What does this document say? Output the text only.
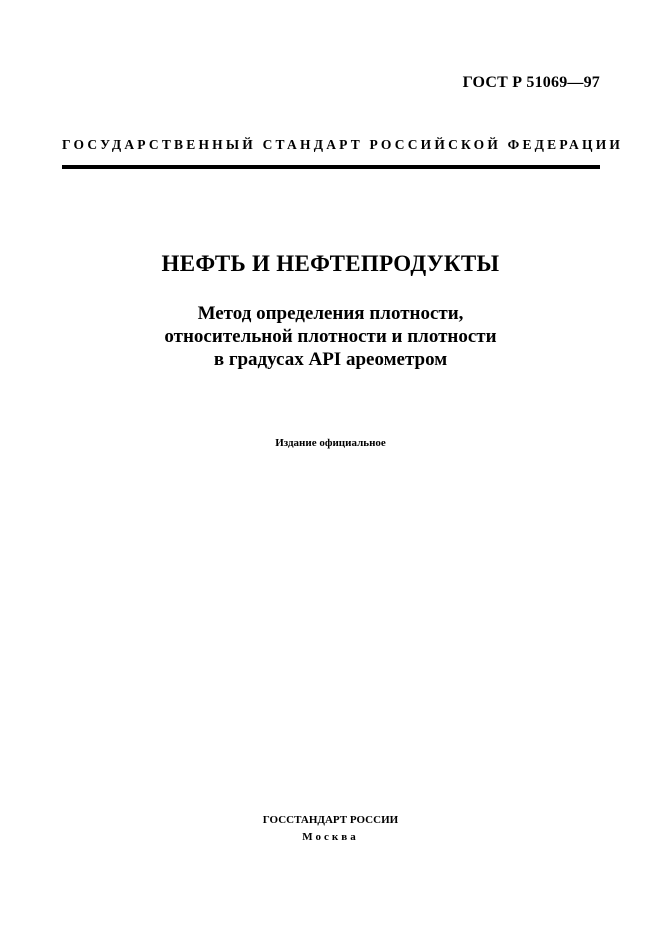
ГОСТ Р 51069—97
ГОСУДАРСТВЕННЫЙ СТАНДАРТ РОССИЙСКОЙ ФЕДЕРАЦИИ
НЕФТЬ И НЕФТЕПРОДУКТЫ
Метод определения плотности,
относительной плотности и плотности
в градусах API ареометром
Издание официальное
ГОССТАНДАРТ РОССИИ
Москва
